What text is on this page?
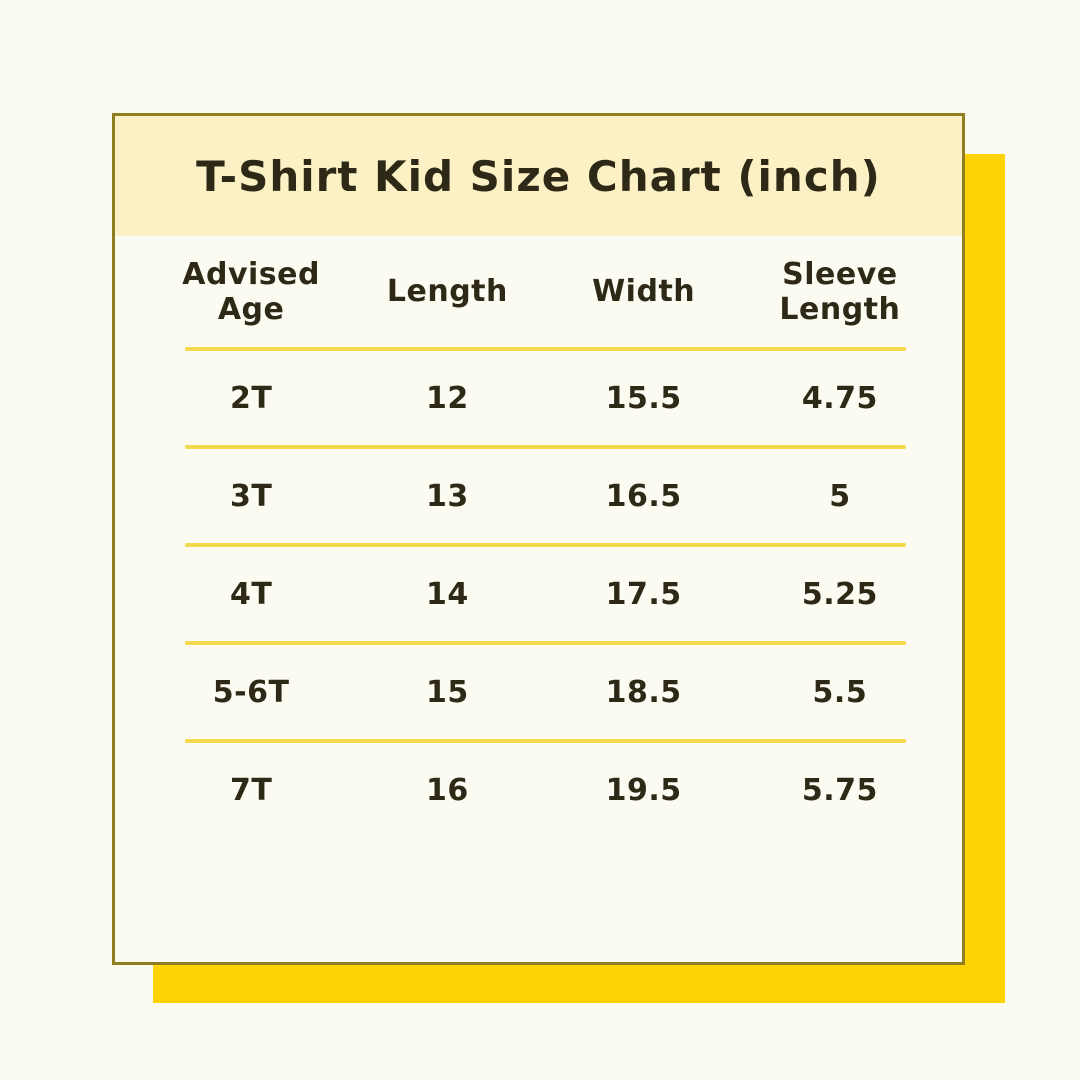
T-Shirt Kid Size Chart (inch)
Advised Age	Length	Width	Sleeve Length
2T	12	15.5	4.75
3T	13	16.5	5
4T	14	17.5	5.25
5-6T	15	18.5	5.5
7T	16	19.5	5.75
